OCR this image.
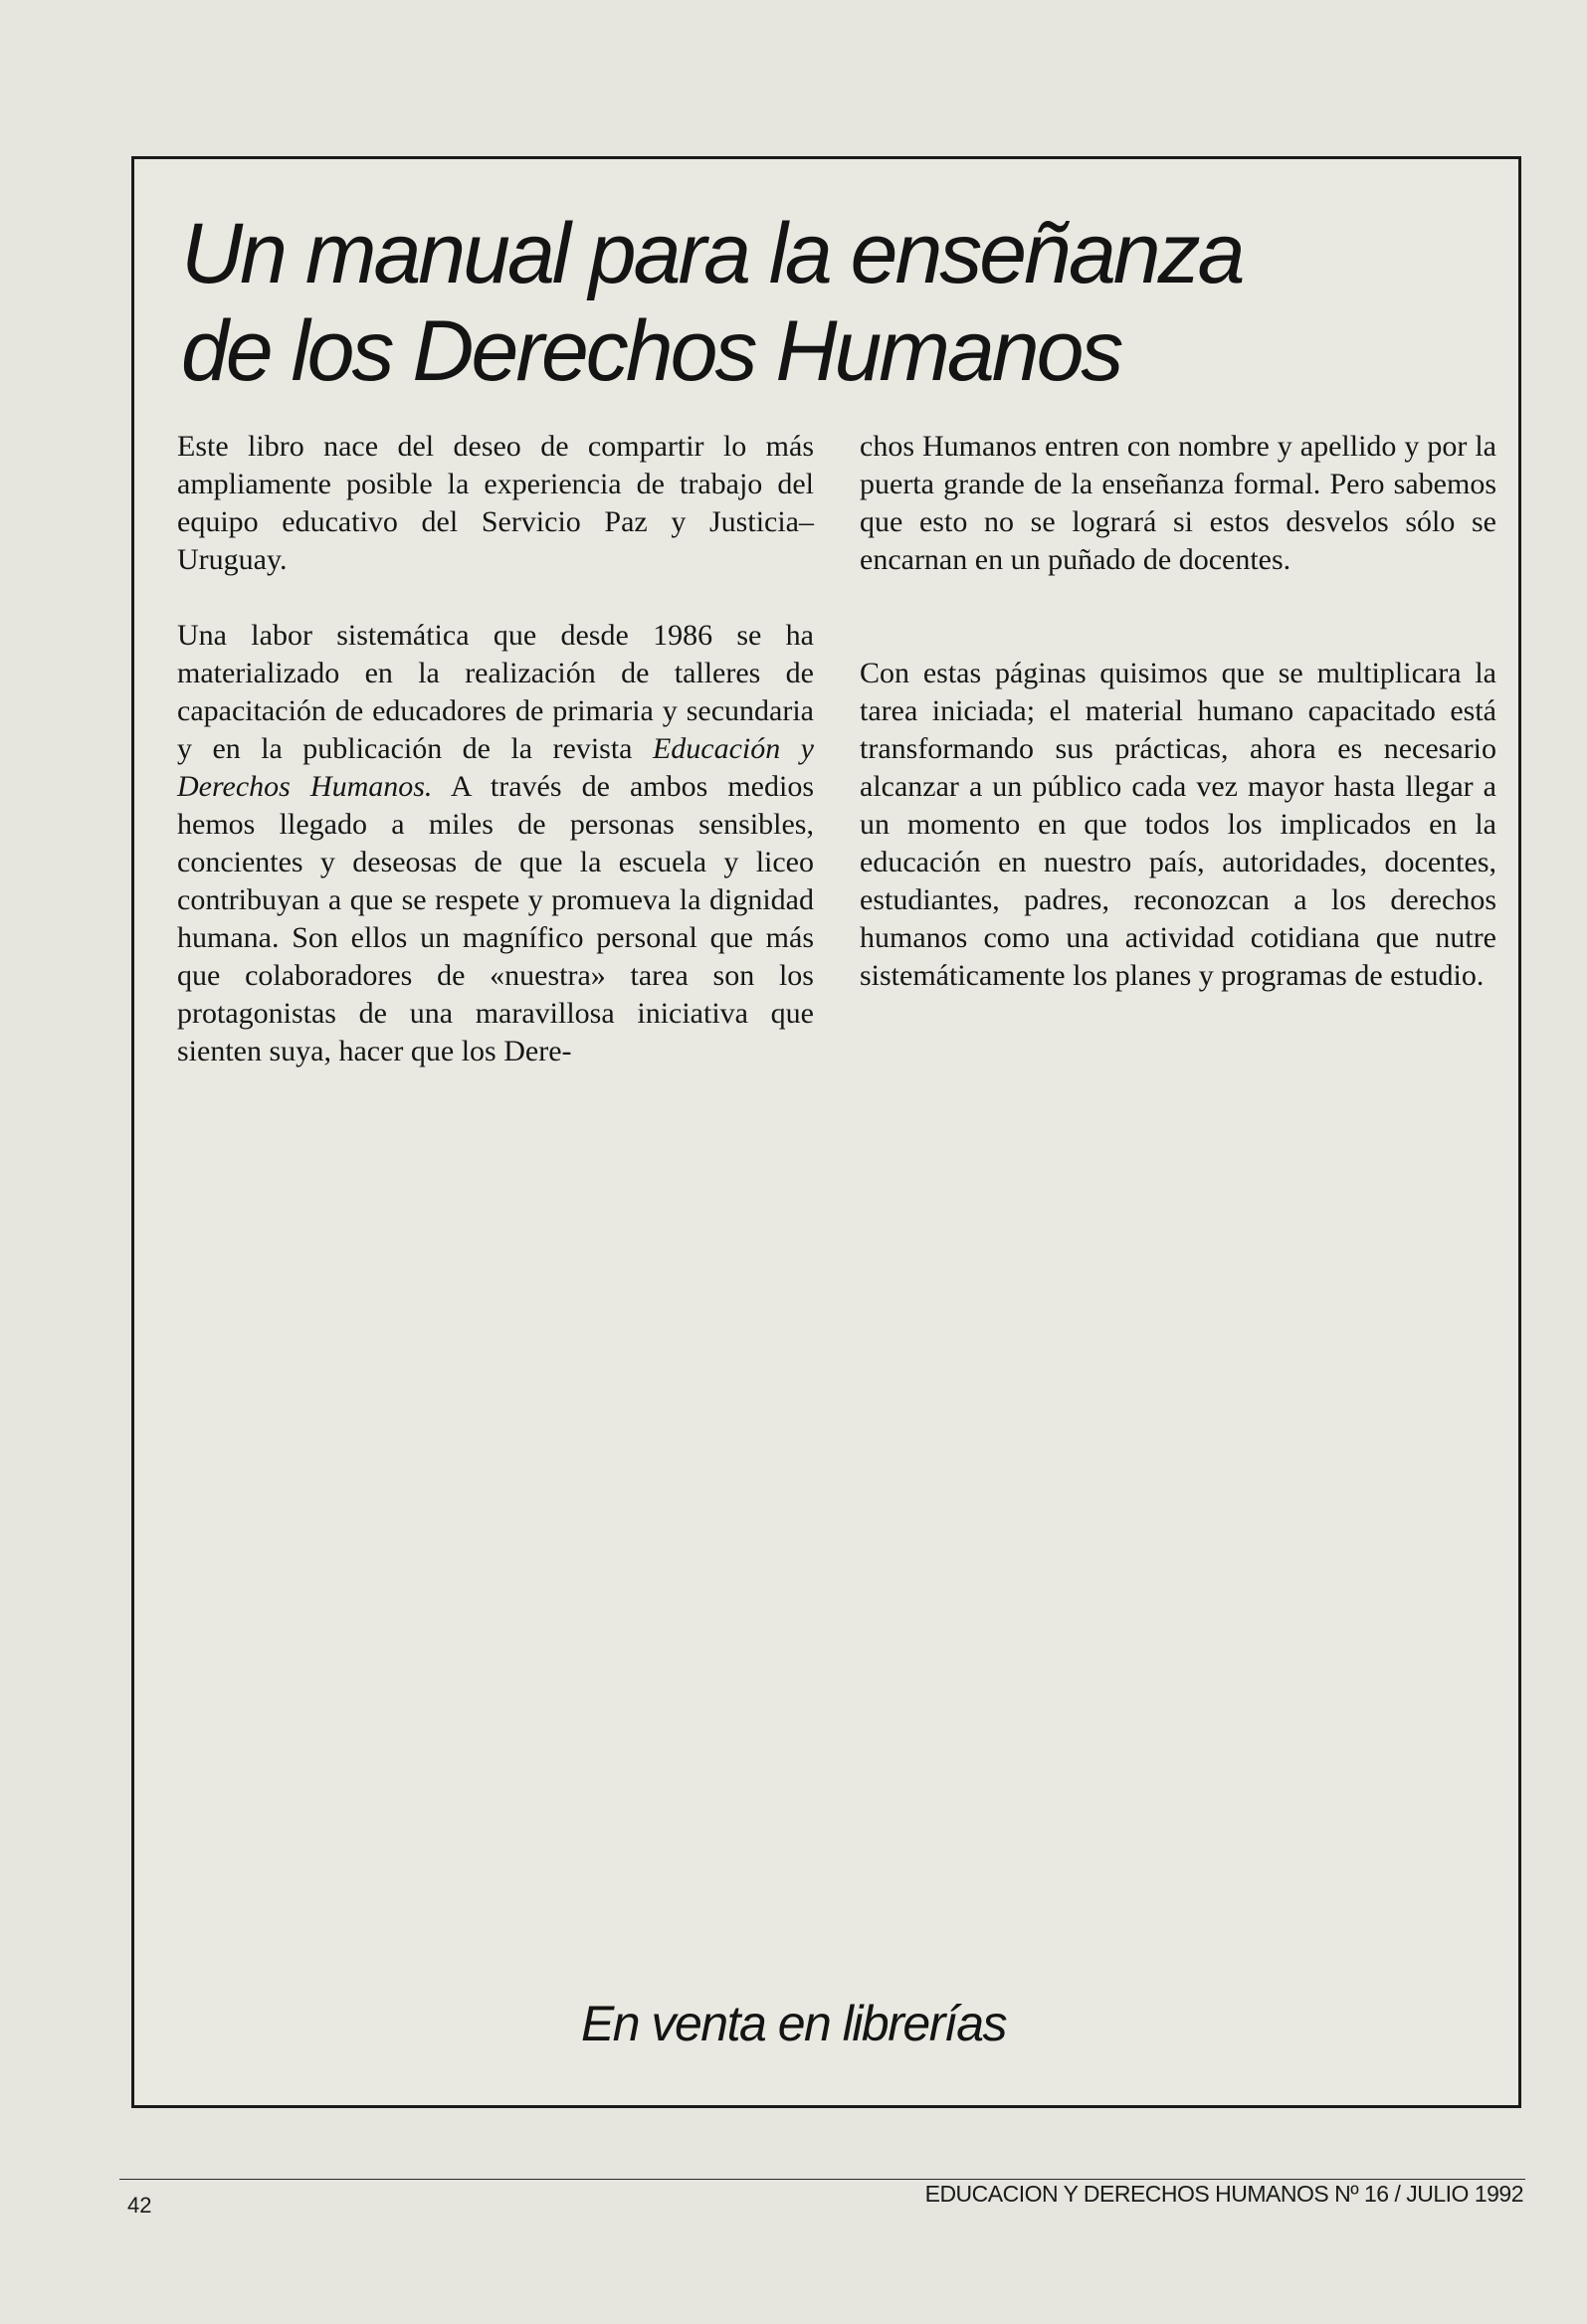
Un manual para la enseñanza
de los Derechos Humanos

Este libro nace del deseo de compartir lo más ampliamente posible la experiencia de trabajo del equipo educativo del Servicio Paz y Justicia–Uruguay.

Una labor sistemática que desde 1986 se ha materializado en la realización de talleres de capacitación de educadores de primaria y secundaria y en la publicación de la revista Educación y Derechos Humanos. A través de ambos medios hemos llegado a miles de personas sensibles, concientes y deseosas de que la escuela y liceo contribuyan a que se respete y promueva la dignidad humana. Son ellos un magnífico personal que más que colaboradores de «nuestra» tarea son los protagonistas de una maravillosa iniciativa que sienten suya, hacer que los Dere-

chos Humanos entren con nombre y apellido y por la puerta grande de la enseñanza formal. Pero sabemos que esto no se logrará si estos desvelos sólo se encarnan en un puñado de docentes.

Con estas páginas quisimos que se multiplicara la tarea iniciada; el material humano capacitado está transformando sus prácticas, ahora es necesario alcanzar a un público cada vez mayor hasta llegar a un momento en que todos los implicados en la educación en nuestro país, autoridades, docentes, estudiantes, padres, reconozcan a los derechos humanos como una actividad cotidiana que nutre sistemáticamente los planes y programas de estudio.

En venta en librerías
42	EDUCACION Y DERECHOS HUMANOS Nº 16 / JULIO 1992
